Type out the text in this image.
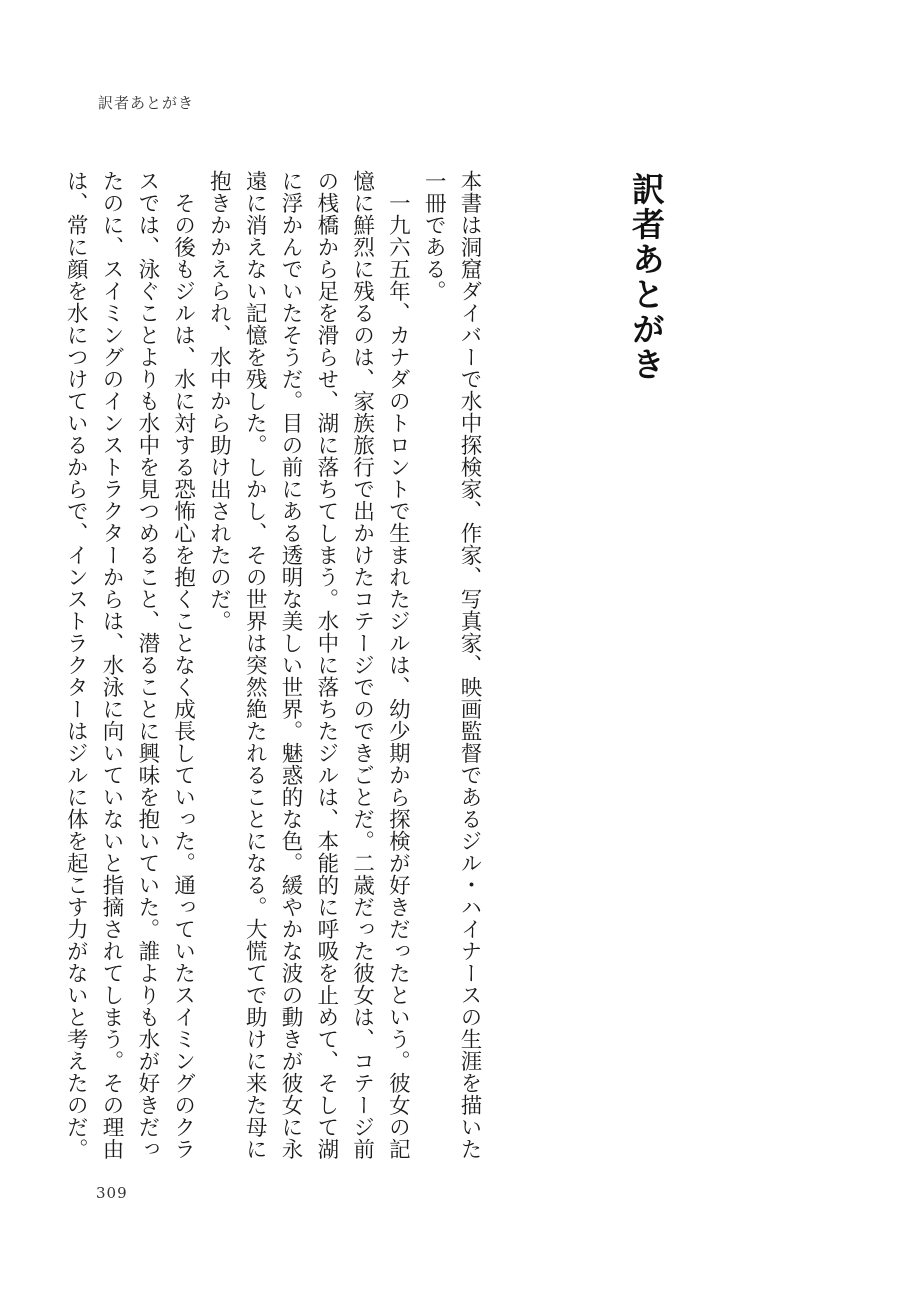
訳者あとがき
訳者あとがき

本書は洞窟ダイバーで水中探検家、作家、写真家、映画監督であるジル・ハイナースの生涯を描いた一冊である。

一九六五年、カナダのトロントで生まれたジルは、幼少期から探検が好きだったという。彼女の記憶に鮮烈に残るのは、家族旅行で出かけたコテージでのできごとだ。二歳だった彼女は、コテージ前の桟橋から足を滑らせ、湖に落ちてしまう。水中に落ちたジルは、本能的に呼吸を止めて、そして湖に浮かんでいたそうだ。目の前にある透明な美しい世界。魅惑的な色。緩やかな波の動きが彼女に永遠に消えない記憶を残した。しかし、その世界は突然絶たれることになる。大慌てで助けに来た母に抱きかかえられ、水中から助け出されたのだ。

その後もジルは、水に対する恐怖心を抱くことなく成長していった。通っていたスイミングのクラスでは、泳ぐことよりも水中を見つめること、潜ることに興味を抱いていた。誰よりも水が好きだったのに、スイミングのインストラクターからは、水泳に向いていないと指摘されてしまう。その理由は、常に顔を水につけているからで、インストラクターはジルに体を起こす力がないと考えたのだ。

309
